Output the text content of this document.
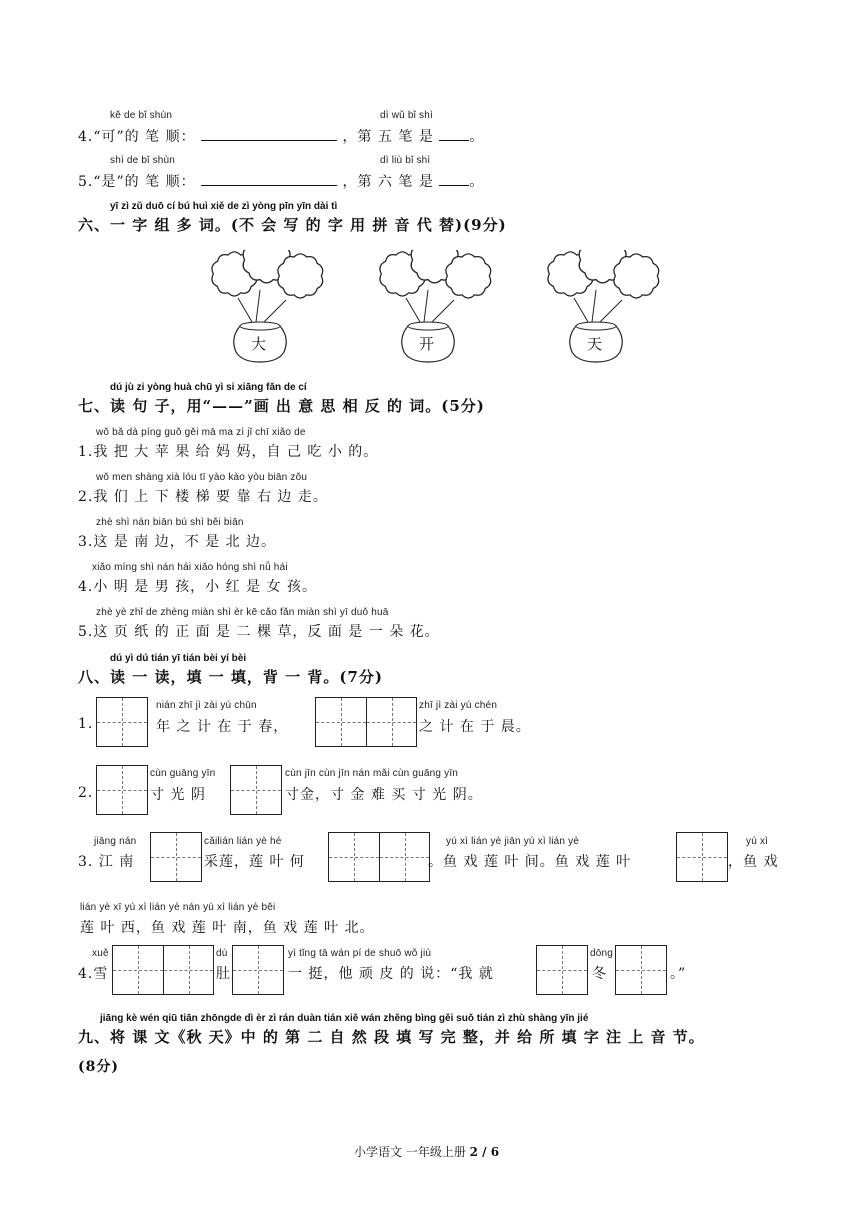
kě de bǐ shùn
4.“可”的 笔 顺：	，第 五 笔 是	。
dì wǔ bǐ shì
shì de bǐ shùn
5.“是”的 笔 顺：	，第 六 笔 是	。
dì liù bǐ shì
yī zì zǔ duō cí bú huì xiě de zì yòng pīn yīn dài tì
六、一 字 组 多 词。(不 会 写 的 字 用 拼 音 代 替)(9分)
大	开	天
dú jù zi yòng huà chū yì si xiāng fǎn de cí
七、读 句 子，用“——”画 出 意 思 相 反 的 词。(5分)
wǒ bǎ dà píng guǒ gěi mā ma zì jǐ chī xiǎo de
1.我 把 大 苹 果 给 妈 妈，自 己 吃 小 的。
wǒ men shàng xià lóu tī yào kào yòu biān zǒu
2.我 们 上 下 楼 梯 要 靠 右 边 走。
zhè shì nán biān bú shì běi biān
3.这 是 南 边，不 是 北 边。
xiǎo míng shì nán hái xiǎo hóng shì nǚ hái
4.小 明 是 男 孩，小 红 是 女 孩。
zhè yè zhǐ de zhèng miàn shì èr kē cǎo fǎn miàn shì yī duǒ huā
5.这 页 纸 的 正 面 是 二 棵 草，反 面 是 一 朵 花。
dú yì dú tián yī tián bèi yí bèi
八、读 一 读，填 一 填，背 一 背。(7分)
1.
nián zhī jì zài yú chūn
年 之 计 在 于 春，
zhī jì zài yú chén
之 计 在 于 晨。
2.
cùn guāng yīn
寸 光 阴
cùn jīn cùn jīn nán mǎi cùn guāng yīn
寸金，寸 金 难 买 寸 光 阴。
jiāng nán
3. 江 南
cǎilián lián yè hé
采莲，莲 叶 何
yú xì lián yè jiān yú xì lián yè
。鱼 戏 莲 叶 间。鱼 戏 莲 叶
yú xì
，鱼 戏
lián yè xī yú xì lián yè nán yú xì lián yè běi
莲 叶 西，鱼 戏 莲 叶 南，鱼 戏 莲 叶 北。
xuě
4.雪
dù
肚
yì tǐng tā wán pí de shuō wǒ jiù
一 挺，他 顽 皮 的 说：“我 就
dōng
冬	。”
jiāng kè wén qiū tiān zhōngde dì èr zì rán duàn tián xiě wán zhěng bìng gěi suǒ tián zì zhù shàng yīn jié
九、将 课 文《秋 天》中 的 第 二 自 然 段 填 写 完 整，并 给 所 填 字 注 上 音 节。
(8分)
小学语文 一年级上册 2 / 6
